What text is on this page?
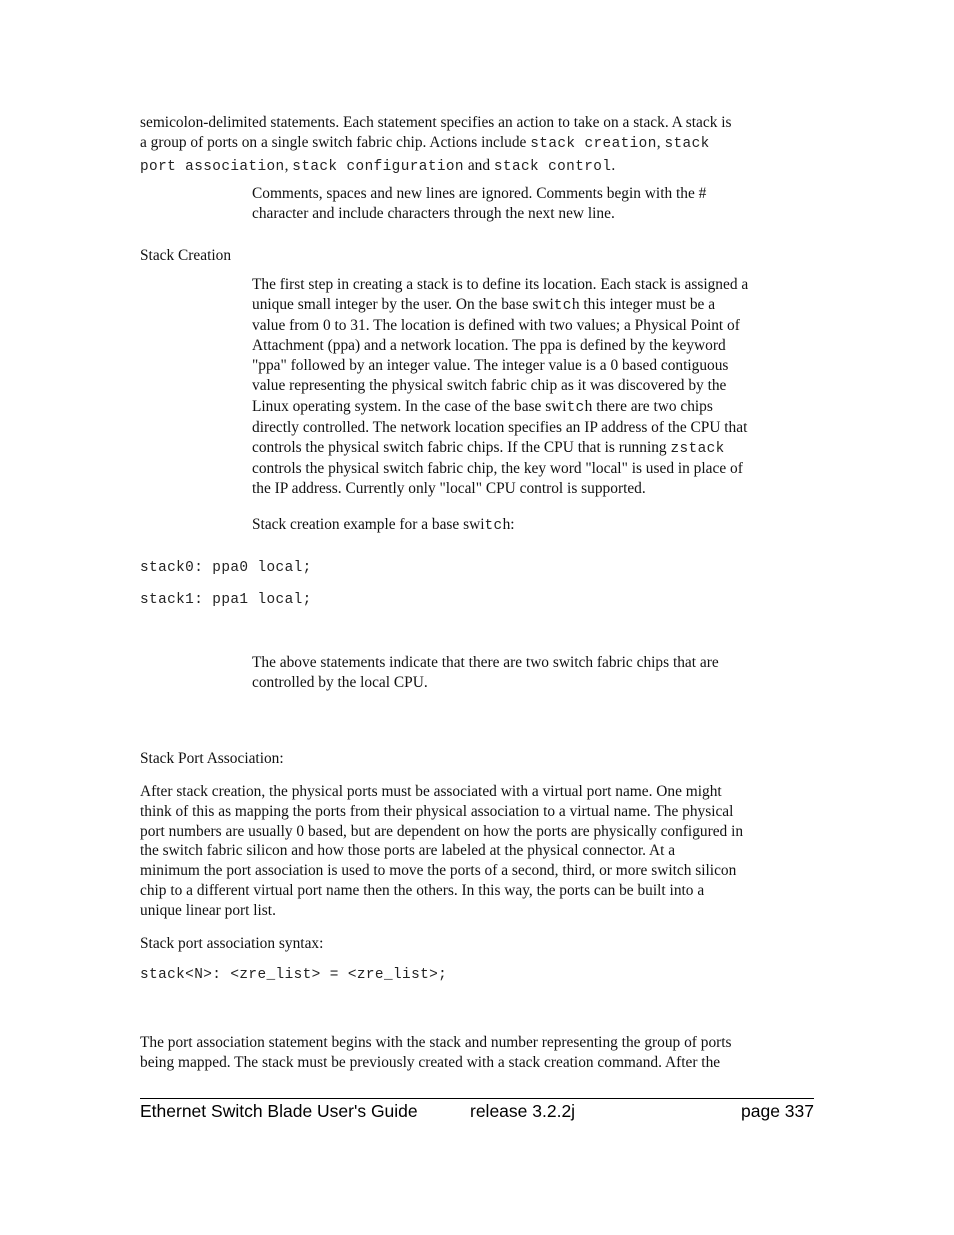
semicolon-delimited statements. Each statement specifies an action to take on a stack. A stack is
a group of ports on a single switch fabric chip. Actions include stack creation, stack
port association, stack configuration and stack control.

Comments, spaces and new lines are ignored. Comments begin with the #
character and include characters through the next new line.

Stack Creation

The first step in creating a stack is to define its location. Each stack is assigned a
unique small integer by the user. On the base switch this integer must be a
value from 0 to 31. The location is defined with two values; a Physical Point of
Attachment (ppa) and a network location. The ppa is defined by the keyword
"ppa" followed by an integer value. The integer value is a 0 based contiguous
value representing the physical switch fabric chip as it was discovered by the
Linux operating system. In the case of the base switch there are two chips
directly controlled. The network location specifies an IP address of the CPU that
controls the physical switch fabric chips. If the CPU that is running zstack
controls the physical switch fabric chip, the key word "local" is used in place of
the IP address. Currently only "local" CPU control is supported.

Stack creation example for a base switch:

stack0: ppa0 local;
stack1: ppa1 local;

The above statements indicate that there are two switch fabric chips that are
controlled by the local CPU.

Stack Port Association:

After stack creation, the physical ports must be associated with a virtual port name. One might
think of this as mapping the ports from their physical association to a virtual name. The physical
port numbers are usually 0 based, but are dependent on how the ports are physically configured in
the switch fabric silicon and how those ports are labeled at the physical connector. At a
minimum the port association is used to move the ports of a second, third, or more switch silicon
chip to a different virtual port name then the others. In this way, the ports can be built into a
unique linear port list.

Stack port association syntax:

stack<N>: <zre_list> = <zre_list>;

The port association statement begins with the stack and number representing the group of ports
being mapped. The stack must be previously created with a stack creation command. After the

Ethernet Switch Blade User's Guide	release 3.2.2j	page 337
